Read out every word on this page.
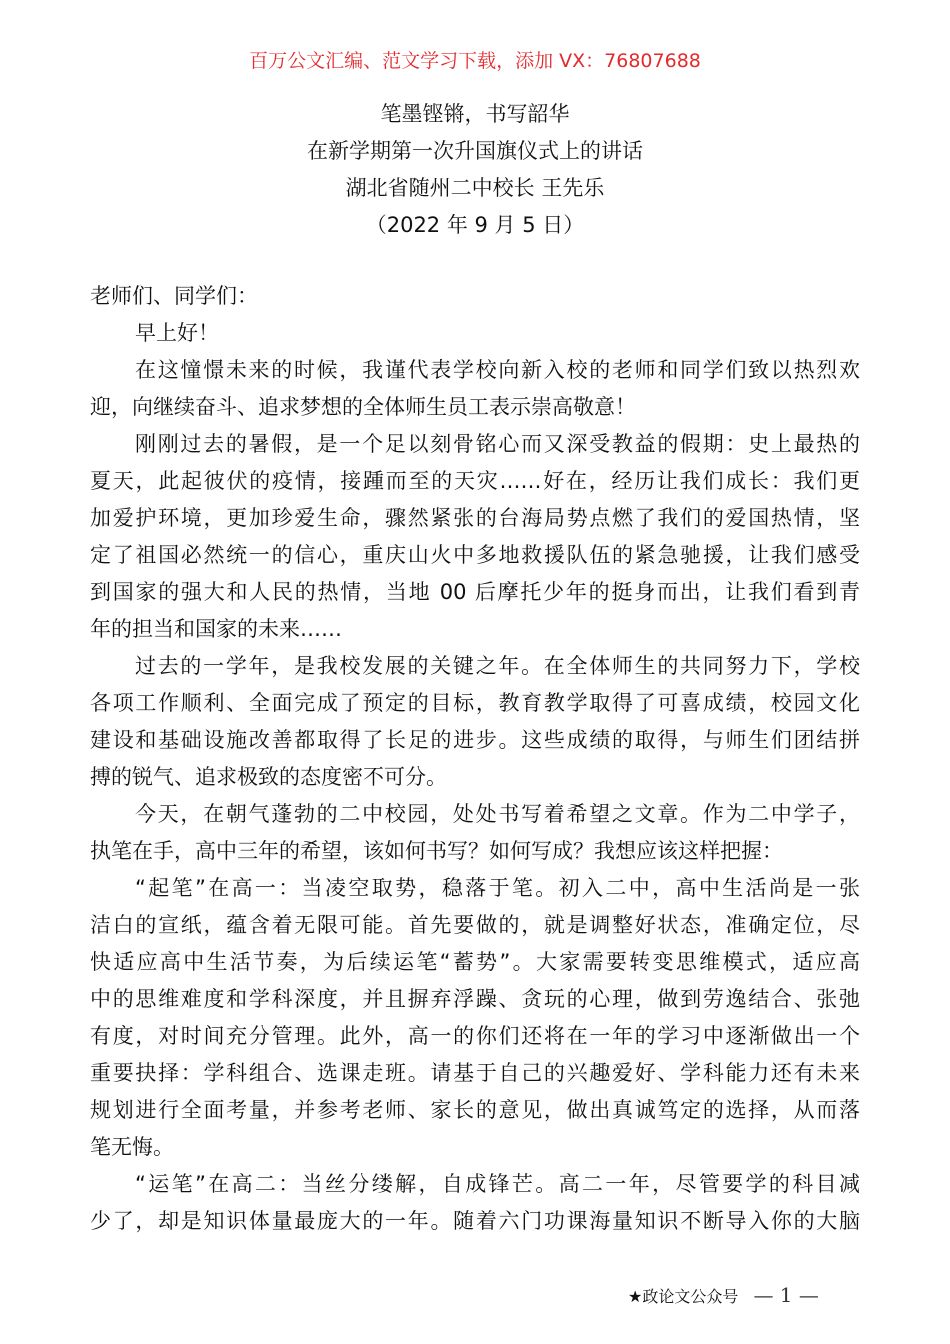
百万公文汇编、范文学习下载，添加 VX：76807688
笔墨铿锵，书写韶华
在新学期第一次升国旗仪式上的讲话
湖北省随州二中校长 王先乐
（2022 年 9 月 5 日）
老师们、同学们：
早上好！
在这憧憬未来的时候，我谨代表学校向新入校的老师和同学们致以热烈欢
迎，向继续奋斗、追求梦想的全体师生员工表示崇高敬意！
刚刚过去的暑假，是一个足以刻骨铭心而又深受教益的假期：史上最热的
夏天，此起彼伏的疫情，接踵而至的天灾……好在，经历让我们成长：我们更
加爱护环境，更加珍爱生命，骤然紧张的台海局势点燃了我们的爱国热情，坚
定了祖国必然统一的信心，重庆山火中多地救援队伍的紧急驰援，让我们感受
到国家的强大和人民的热情，当地 00 后摩托少年的挺身而出，让我们看到青
年的担当和国家的未来……
过去的一学年，是我校发展的关键之年。在全体师生的共同努力下，学校
各项工作顺利、全面完成了预定的目标，教育教学取得了可喜成绩，校园文化
建设和基础设施改善都取得了长足的进步。这些成绩的取得，与师生们团结拼
搏的锐气、追求极致的态度密不可分。
今天，在朝气蓬勃的二中校园，处处书写着希望之文章。作为二中学子，
执笔在手，高中三年的希望，该如何书写？如何写成？我想应该这样把握：
“起笔”在高一：当凌空取势，稳落于笔。初入二中，高中生活尚是一张
洁白的宣纸，蕴含着无限可能。首先要做的，就是调整好状态，准确定位，尽
快适应高中生活节奏，为后续运笔“蓄势”。大家需要转变思维模式，适应高
中的思维难度和学科深度，并且摒弃浮躁、贪玩的心理，做到劳逸结合、张弛
有度，对时间充分管理。此外，高一的你们还将在一年的学习中逐渐做出一个
重要抉择：学科组合、选课走班。请基于自己的兴趣爱好、学科能力还有未来
规划进行全面考量，并参考老师、家长的意见，做出真诚笃定的选择，从而落
笔无悔。
“运笔”在高二：当丝分缕解，自成锋芒。高二一年，尽管要学的科目减
少了，却是知识体量最庞大的一年。随着六门功课海量知识不断导入你的大脑
★政论文公众号 — 1 —
